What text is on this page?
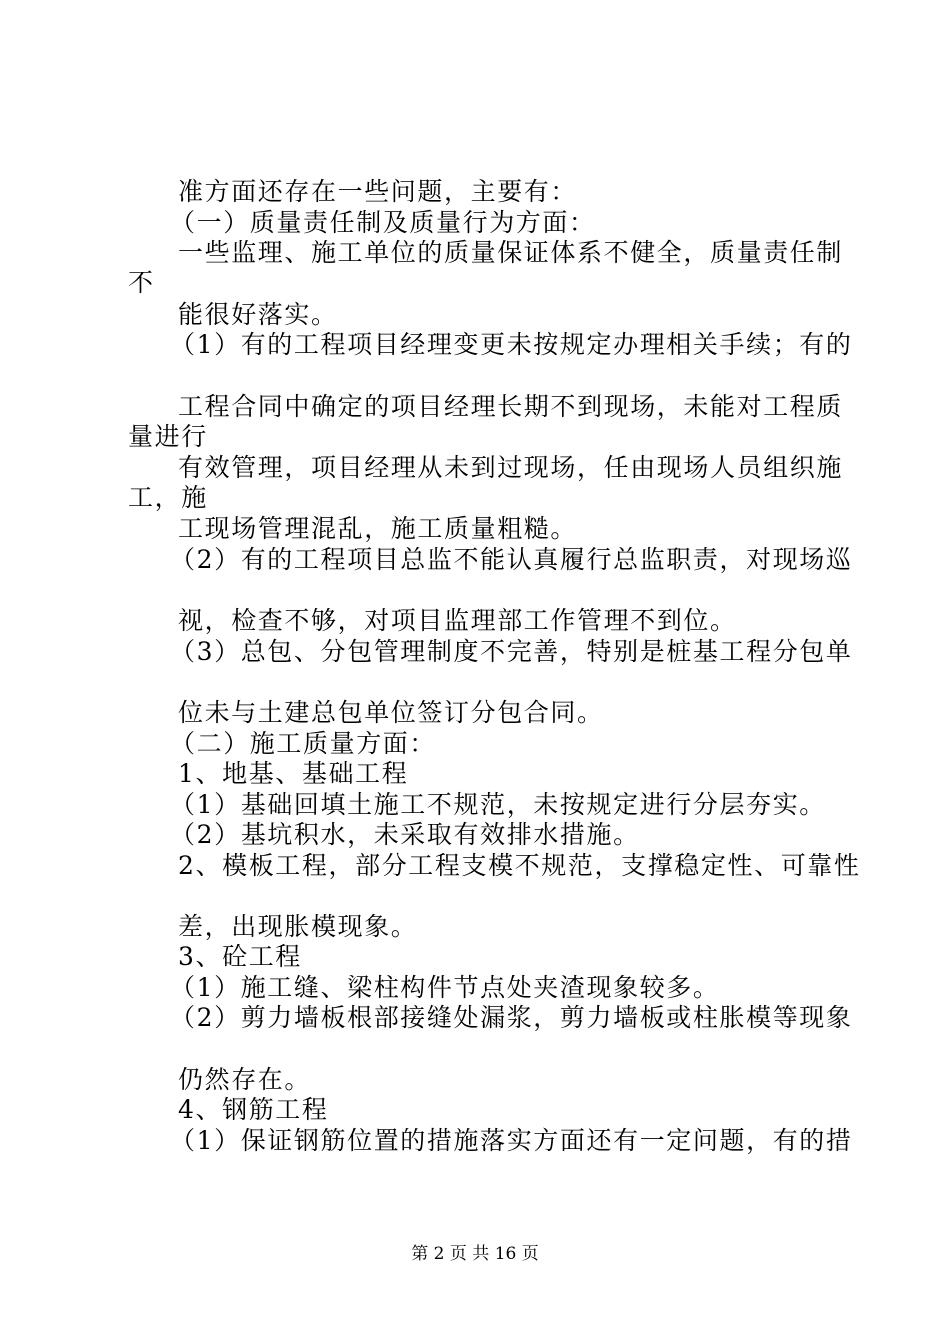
准方面还存在一些问题，主要有：
（一）质量责任制及质量行为方面：
一些监理、施工单位的质量保证体系不健全，质量责任制
不
能很好落实。
（1）有的工程项目经理变更未按规定办理相关手续；有的
工程合同中确定的项目经理长期不到现场，未能对工程质
量进行
有效管理，项目经理从未到过现场，任由现场人员组织施
工，施
工现场管理混乱，施工质量粗糙。
（2）有的工程项目总监不能认真履行总监职责，对现场巡
视，检查不够，对项目监理部工作管理不到位。
（3）总包、分包管理制度不完善，特别是桩基工程分包单
位未与土建总包单位签订分包合同。
（二）施工质量方面：
1、地基、基础工程
（1）基础回填土施工不规范，未按规定进行分层夯实。
（2）基坑积水，未采取有效排水措施。
2、模板工程，部分工程支模不规范，支撑稳定性、可靠性
差，出现胀模现象。
3、砼工程
（1）施工缝、梁柱构件节点处夹渣现象较多。
（2）剪力墙板根部接缝处漏浆，剪力墙板或柱胀模等现象
仍然存在。
4、钢筋工程
（1）保证钢筋位置的措施落实方面还有一定问题，有的措
第 2 页 共 16 页
